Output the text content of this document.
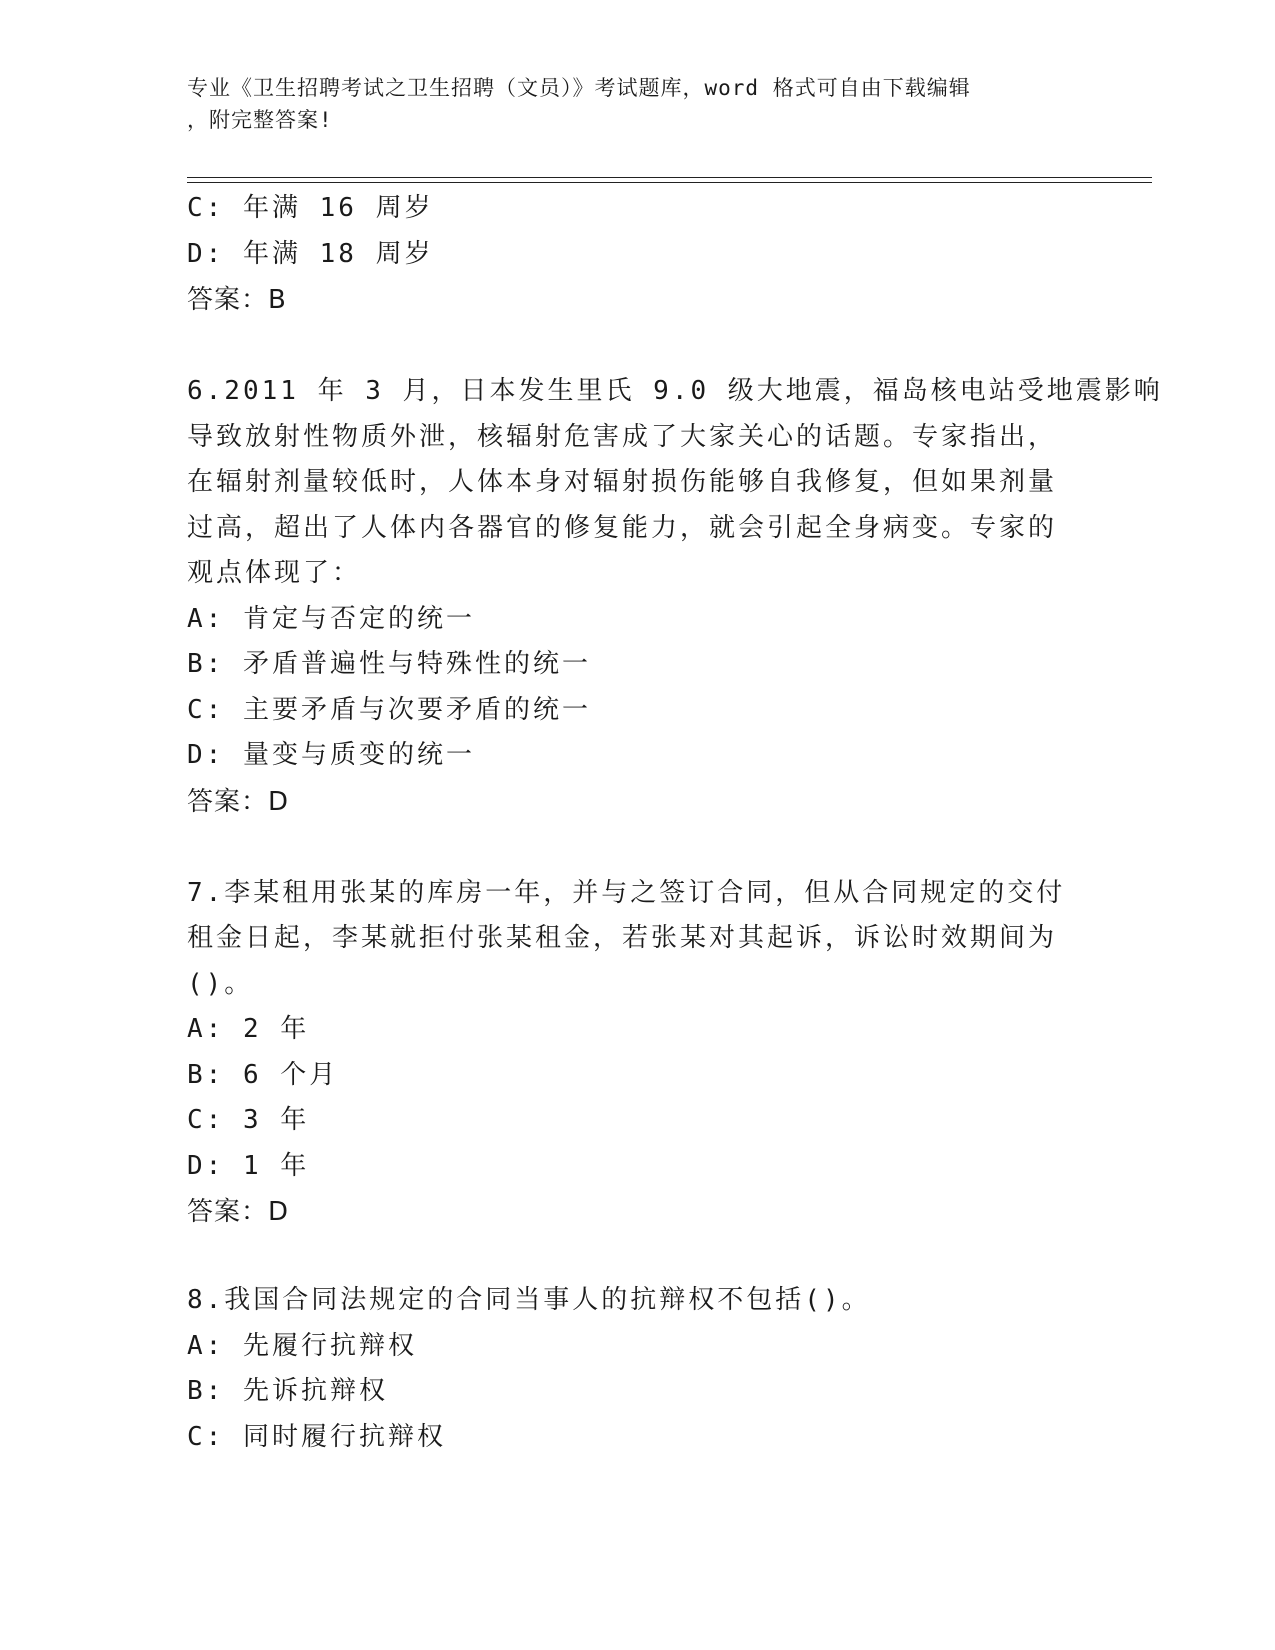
专业《卫生招聘考试之卫生招聘（文员）》考试题库，word 格式可自由下载编辑
，附完整答案!
C: 年满 16 周岁
D: 年满 18 周岁
答案：B
6.2011 年 3 月，日本发生里氏 9.0 级大地震，福岛核电站受地震影响
导致放射性物质外泄，核辐射危害成了大家关心的话题。专家指出，
在辐射剂量较低时，人体本身对辐射损伤能够自我修复，但如果剂量
过高，超出了人体内各器官的修复能力，就会引起全身病变。专家的
观点体现了：
A: 肯定与否定的统一
B: 矛盾普遍性与特殊性的统一
C: 主要矛盾与次要矛盾的统一
D: 量变与质变的统一
答案：D
7.李某租用张某的库房一年，并与之签订合同，但从合同规定的交付
租金日起，李某就拒付张某租金，若张某对其起诉，诉讼时效期间为
()。
A: 2 年
B: 6 个月
C: 3 年
D: 1 年
答案：D
8.我国合同法规定的合同当事人的抗辩权不包括()。
A: 先履行抗辩权
B: 先诉抗辩权
C: 同时履行抗辩权
